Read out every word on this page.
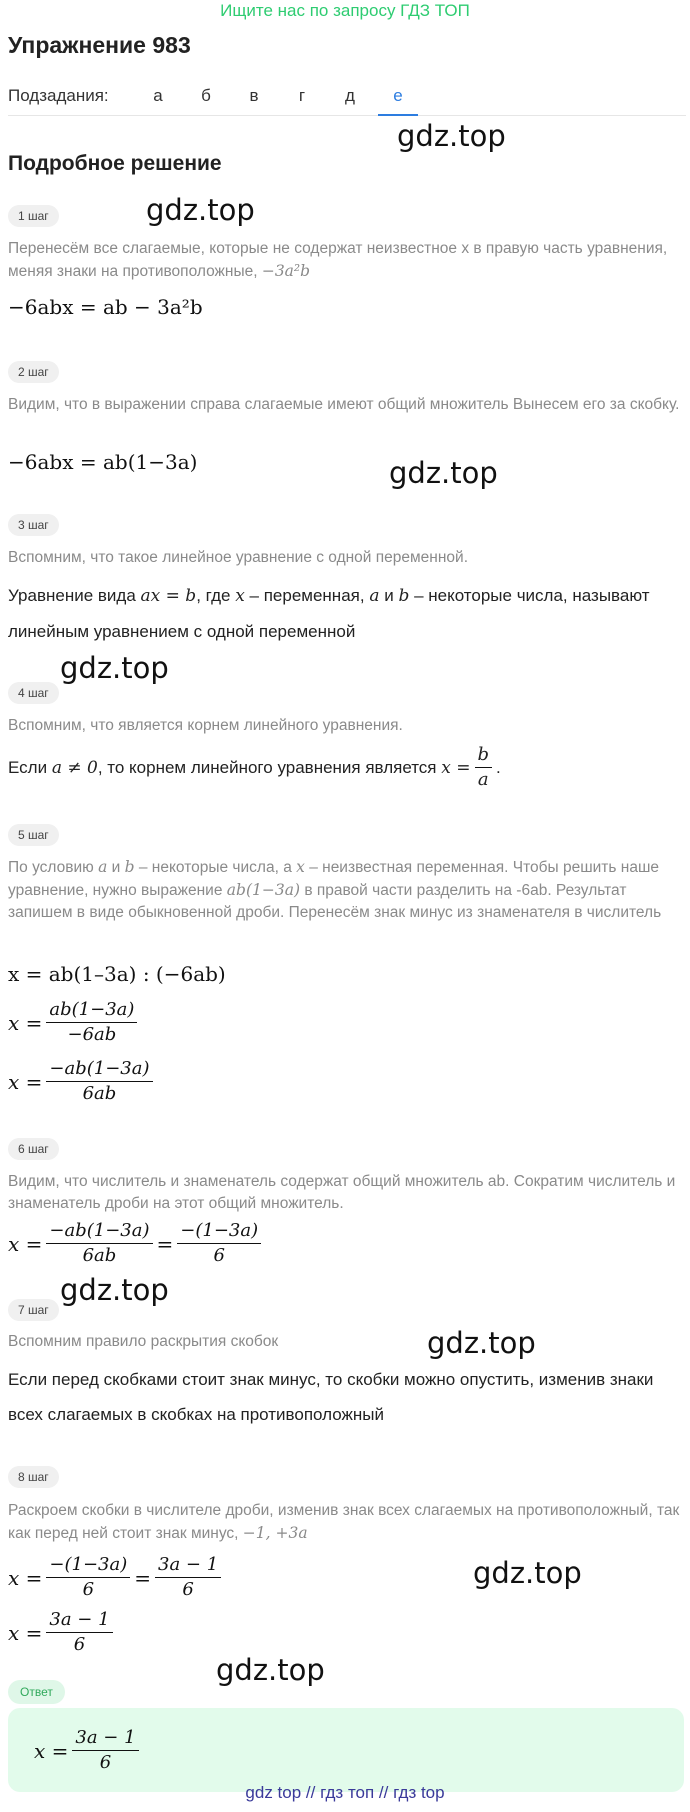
Ищите нас по запросу ГДЗ ТОП
Упражнение 983
Подзадания:	а	б	в	г	д	е
Подробное решение
gdz.top
gdz.top
gdz.top
gdz.top
gdz.top
gdz.top
gdz.top
gdz.top
1 шаг
Перенесём все слагаемые, которые не содержат неизвестное x в правую часть уравнения, меняя знаки на противоположные, −3a²b
−6abx = ab − 3a²b
2 шаг
Видим, что в выражении справа слагаемые имеют общий множитель Вынесем его за скобку.
−6abx = ab(1−3a)
3 шаг
Вспомним, что такое линейное уравнение с одной переменной.
Уравнение вида ax = b, где x – переменная, a и b – некоторые числа, называют линейным уравнением с одной переменной
4 шаг
Вспомним, что является корнем линейного уравнения.
Если
a ≠ 0 , то корнем линейного уравнения является
$x = \frac{b}{a}$ .
5 шаг
По условию a и b – некоторые числа, а x – неизвестная переменная. Чтобы решить наше уравнение, нужно выражение ab(1−3a) в правой части разделить на -6ab. Результат запишем в виде обыкновенной дроби. Перенесём знак минус из знаменателя в числитель
x = ab(1–3a) : (−6ab)
$x = \frac{ab(1-3a)}{-6ab}$
$x = \frac{-ab(1-3a)}{6ab}$
6 шаг
Видим, что числитель и знаменатель содержат общий множитель ab. Сократим числитель и знаменатель дроби на этот общий множитель.
$x = \frac{-ab(1-3a)}{6ab} = \frac{-(1-3a)}{6}$
7 шаг
Вспомним правило раскрытия скобок
Если перед скобками стоит знак минус, то скобки можно опустить, изменив знаки всех слагаемых в скобках на противоположный
8 шаг
Раскроем скобки в числителе дроби, изменив знак всех слагаемых на противоположный, так как перед ней стоит знак минус, −1, +3a
$x = \frac{-(1-3a)}{6} = \frac{3a - 1}{6}$
$x = \frac{3a - 1}{6}$
Ответ
$x = \frac{3a - 1}{6}$
gdz top // гдз топ // гдз top
